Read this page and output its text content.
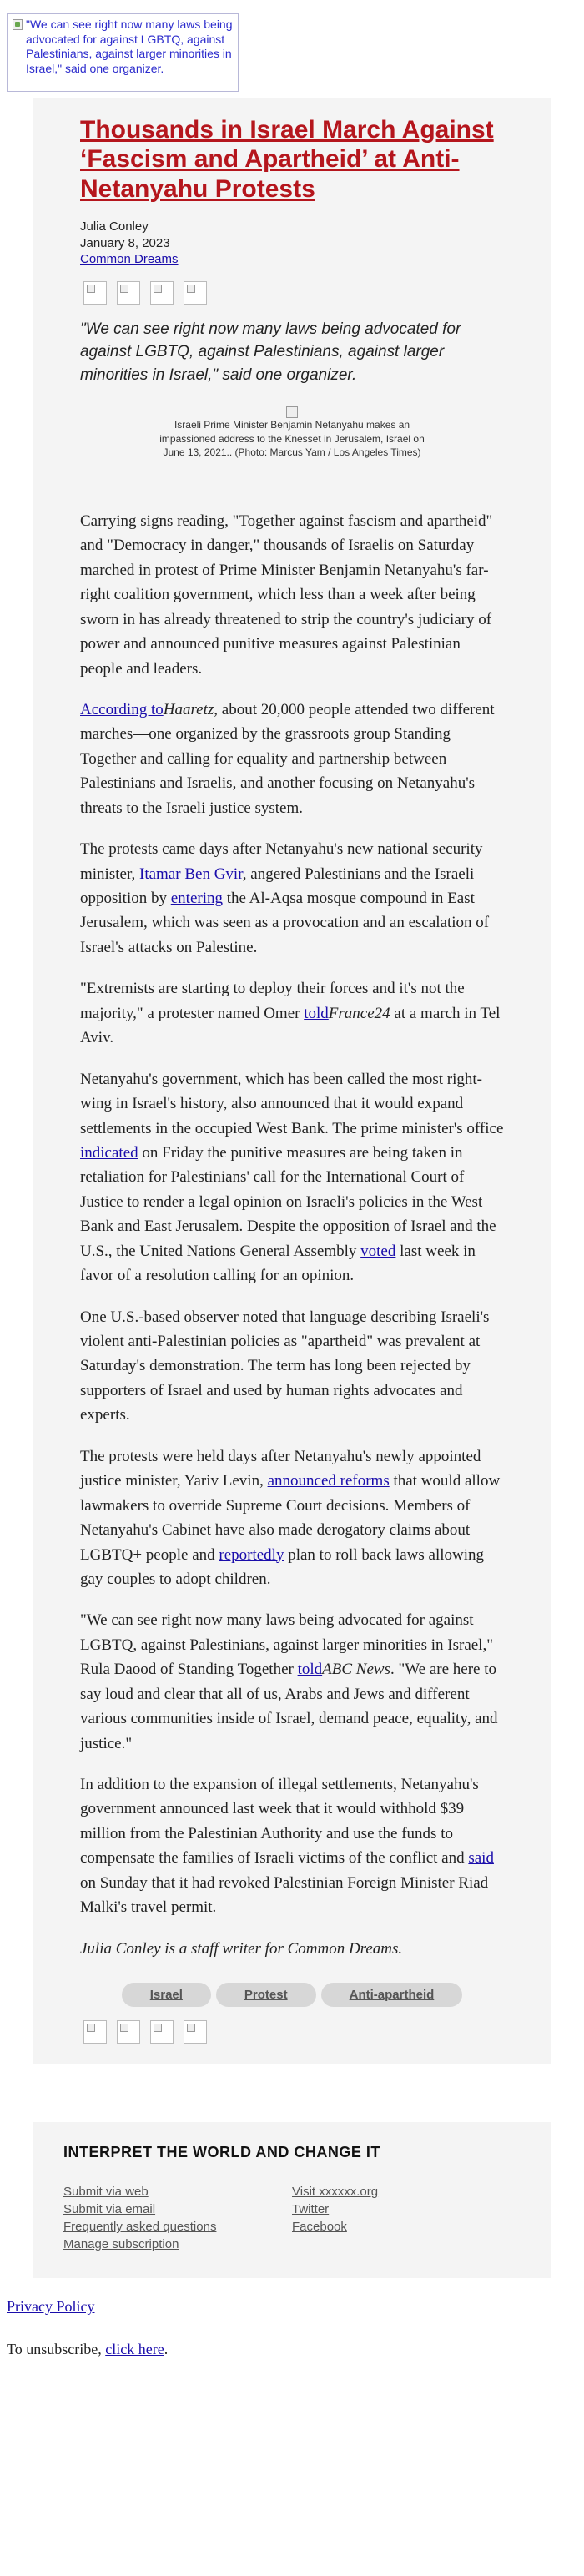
"We can see right now many laws being advocated for against LGBTQ, against Palestinians, against larger minorities in Israel," said one organizer.
Thousands in Israel March Against ‘Fascism and Apartheid’ at Anti-Netanyahu Protests
Julia Conley
January 8, 2023
Common Dreams
"We can see right now many laws being advocated for against LGBTQ, against Palestinians, against larger minorities in Israel," said one organizer.
Israeli Prime Minister Benjamin Netanyahu makes an impassioned address to the Knesset in Jerusalem, Israel on June 13, 2021.. (Photo: Marcus Yam / Los Angeles Times)

Carrying signs reading, "Together against fascism and apartheid" and "Democracy in danger," thousands of Israelis on Saturday marched in protest of Prime Minister Benjamin Netanyahu's far-right coalition government, which less than a week after being sworn in has already threatened to strip the country's judiciary of power and announced punitive measures against Palestinian people and leaders.

According toHaaretz, about 20,000 people attended two different marches—one organized by the grassroots group Standing Together and calling for equality and partnership between Palestinians and Israelis, and another focusing on Netanyahu's threats to the Israeli justice system.

The protests came days after Netanyahu's new national security minister, Itamar Ben Gvir, angered Palestinians and the Israeli opposition by entering the Al-Aqsa mosque compound in East Jerusalem, which was seen as a provocation and an escalation of Israel's attacks on Palestine.

"Extremists are starting to deploy their forces and it's not the majority," a protester named Omer toldFrance24 at a march in Tel Aviv.

Netanyahu's government, which has been called the most right-wing in Israel's history, also announced that it would expand settlements in the occupied West Bank. The prime minister's office indicated on Friday the punitive measures are being taken in retaliation for Palestinians' call for the International Court of Justice to render a legal opinion on Israeli's policies in the West Bank and East Jerusalem. Despite the opposition of Israel and the U.S., the United Nations General Assembly voted last week in favor of a resolution calling for an opinion.

One U.S.-based observer noted that language describing Israeli's violent anti-Palestinian policies as "apartheid" was prevalent at Saturday's demonstration. The term has long been rejected by supporters of Israel and used by human rights advocates and experts.

The protests were held days after Netanyahu's newly appointed justice minister, Yariv Levin, announced reforms that would allow lawmakers to override Supreme Court decisions. Members of Netanyahu's Cabinet have also made derogatory claims about LGBTQ+ people and reportedly plan to roll back laws allowing gay couples to adopt children.

"We can see right now many laws being advocated for against LGBTQ, against Palestinians, against larger minorities in Israel," Rula Daood of Standing Together toldABC News. "We are here to say loud and clear that all of us, Arabs and Jews and different various communities inside of Israel, demand peace, equality, and justice."

In addition to the expansion of illegal settlements, Netanyahu's government announced last week that it would withhold $39 million from the Palestinian Authority and use the funds to compensate the families of Israeli victims of the conflict and said on Sunday that it had revoked Palestinian Foreign Minister Riad Malki's travel permit.

Julia Conley is a staff writer for Common Dreams.

Israel	Protest	Anti-apartheid
INTERPRET THE WORLD AND CHANGE IT
Submit via web
Submit via email
Frequently asked questions
Manage subscription
Visit xxxxxx.org
Twitter
Facebook

Privacy Policy

To unsubscribe, click here.
